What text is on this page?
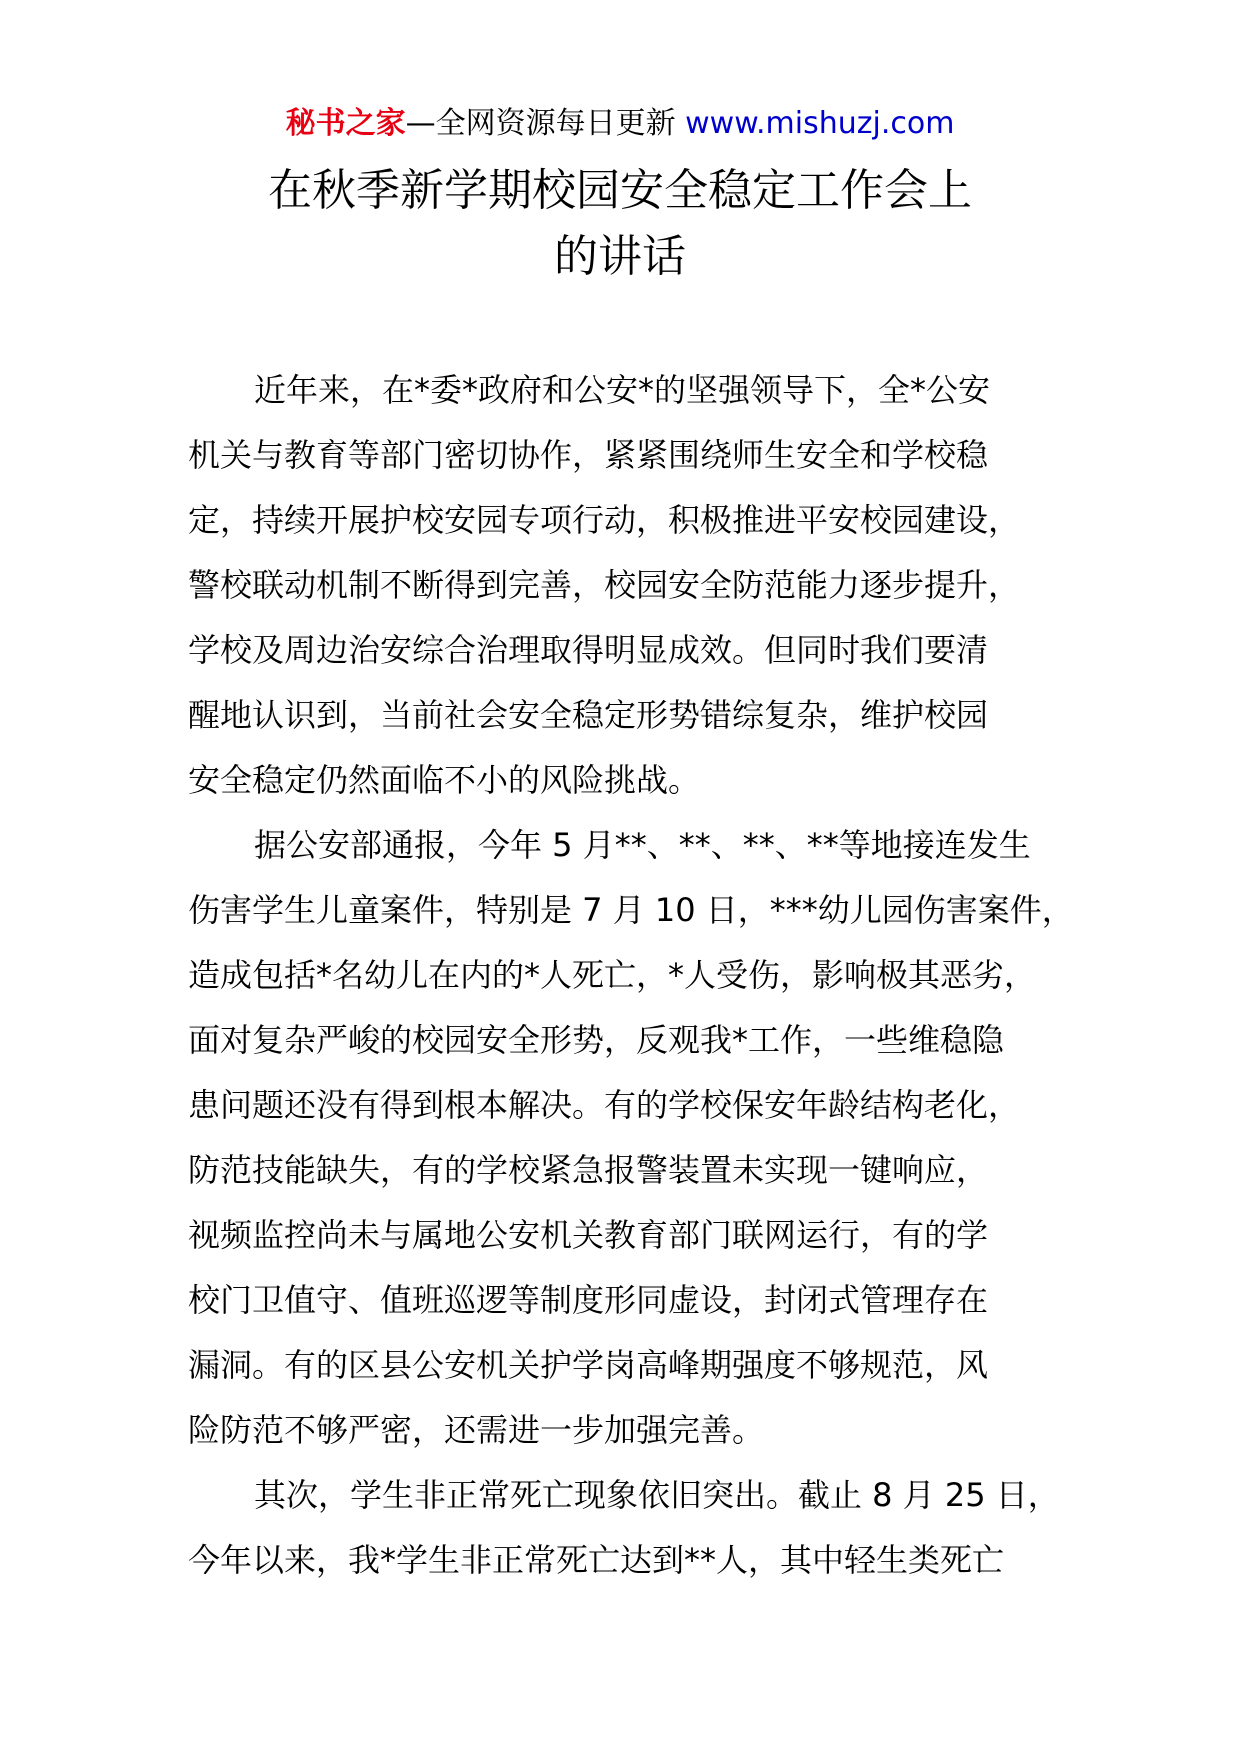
秘书之家—全网资源每日更新 www.mishuzj.com
在秋季新学期校园安全稳定工作会上
的讲话
近年来，在*委*政府和公安*的坚强领导下，全*公安
机关与教育等部门密切协作，紧紧围绕师生安全和学校稳
定，持续开展护校安园专项行动，积极推进平安校园建设，
警校联动机制不断得到完善，校园安全防范能力逐步提升，
学校及周边治安综合治理取得明显成效。但同时我们要清
醒地认识到，当前社会安全稳定形势错综复杂，维护校园
安全稳定仍然面临不小的风险挑战。
据公安部通报，今年 5 月**、**、**、**等地接连发生
伤害学生儿童案件，特别是 7 月 10 日，***幼儿园伤害案件，
造成包括*名幼儿在内的*人死亡，*人受伤，影响极其恶劣，
面对复杂严峻的校园安全形势，反观我*工作，一些维稳隐
患问题还没有得到根本解决。有的学校保安年龄结构老化，
防范技能缺失，有的学校紧急报警装置未实现一键响应，
视频监控尚未与属地公安机关教育部门联网运行，有的学
校门卫值守、值班巡逻等制度形同虚设，封闭式管理存在
漏洞。有的区县公安机关护学岗高峰期强度不够规范，风
险防范不够严密，还需进一步加强完善。
其次，学生非正常死亡现象依旧突出。截止 8 月 25 日，
今年以来，我*学生非正常死亡达到**人，其中轻生类死亡
